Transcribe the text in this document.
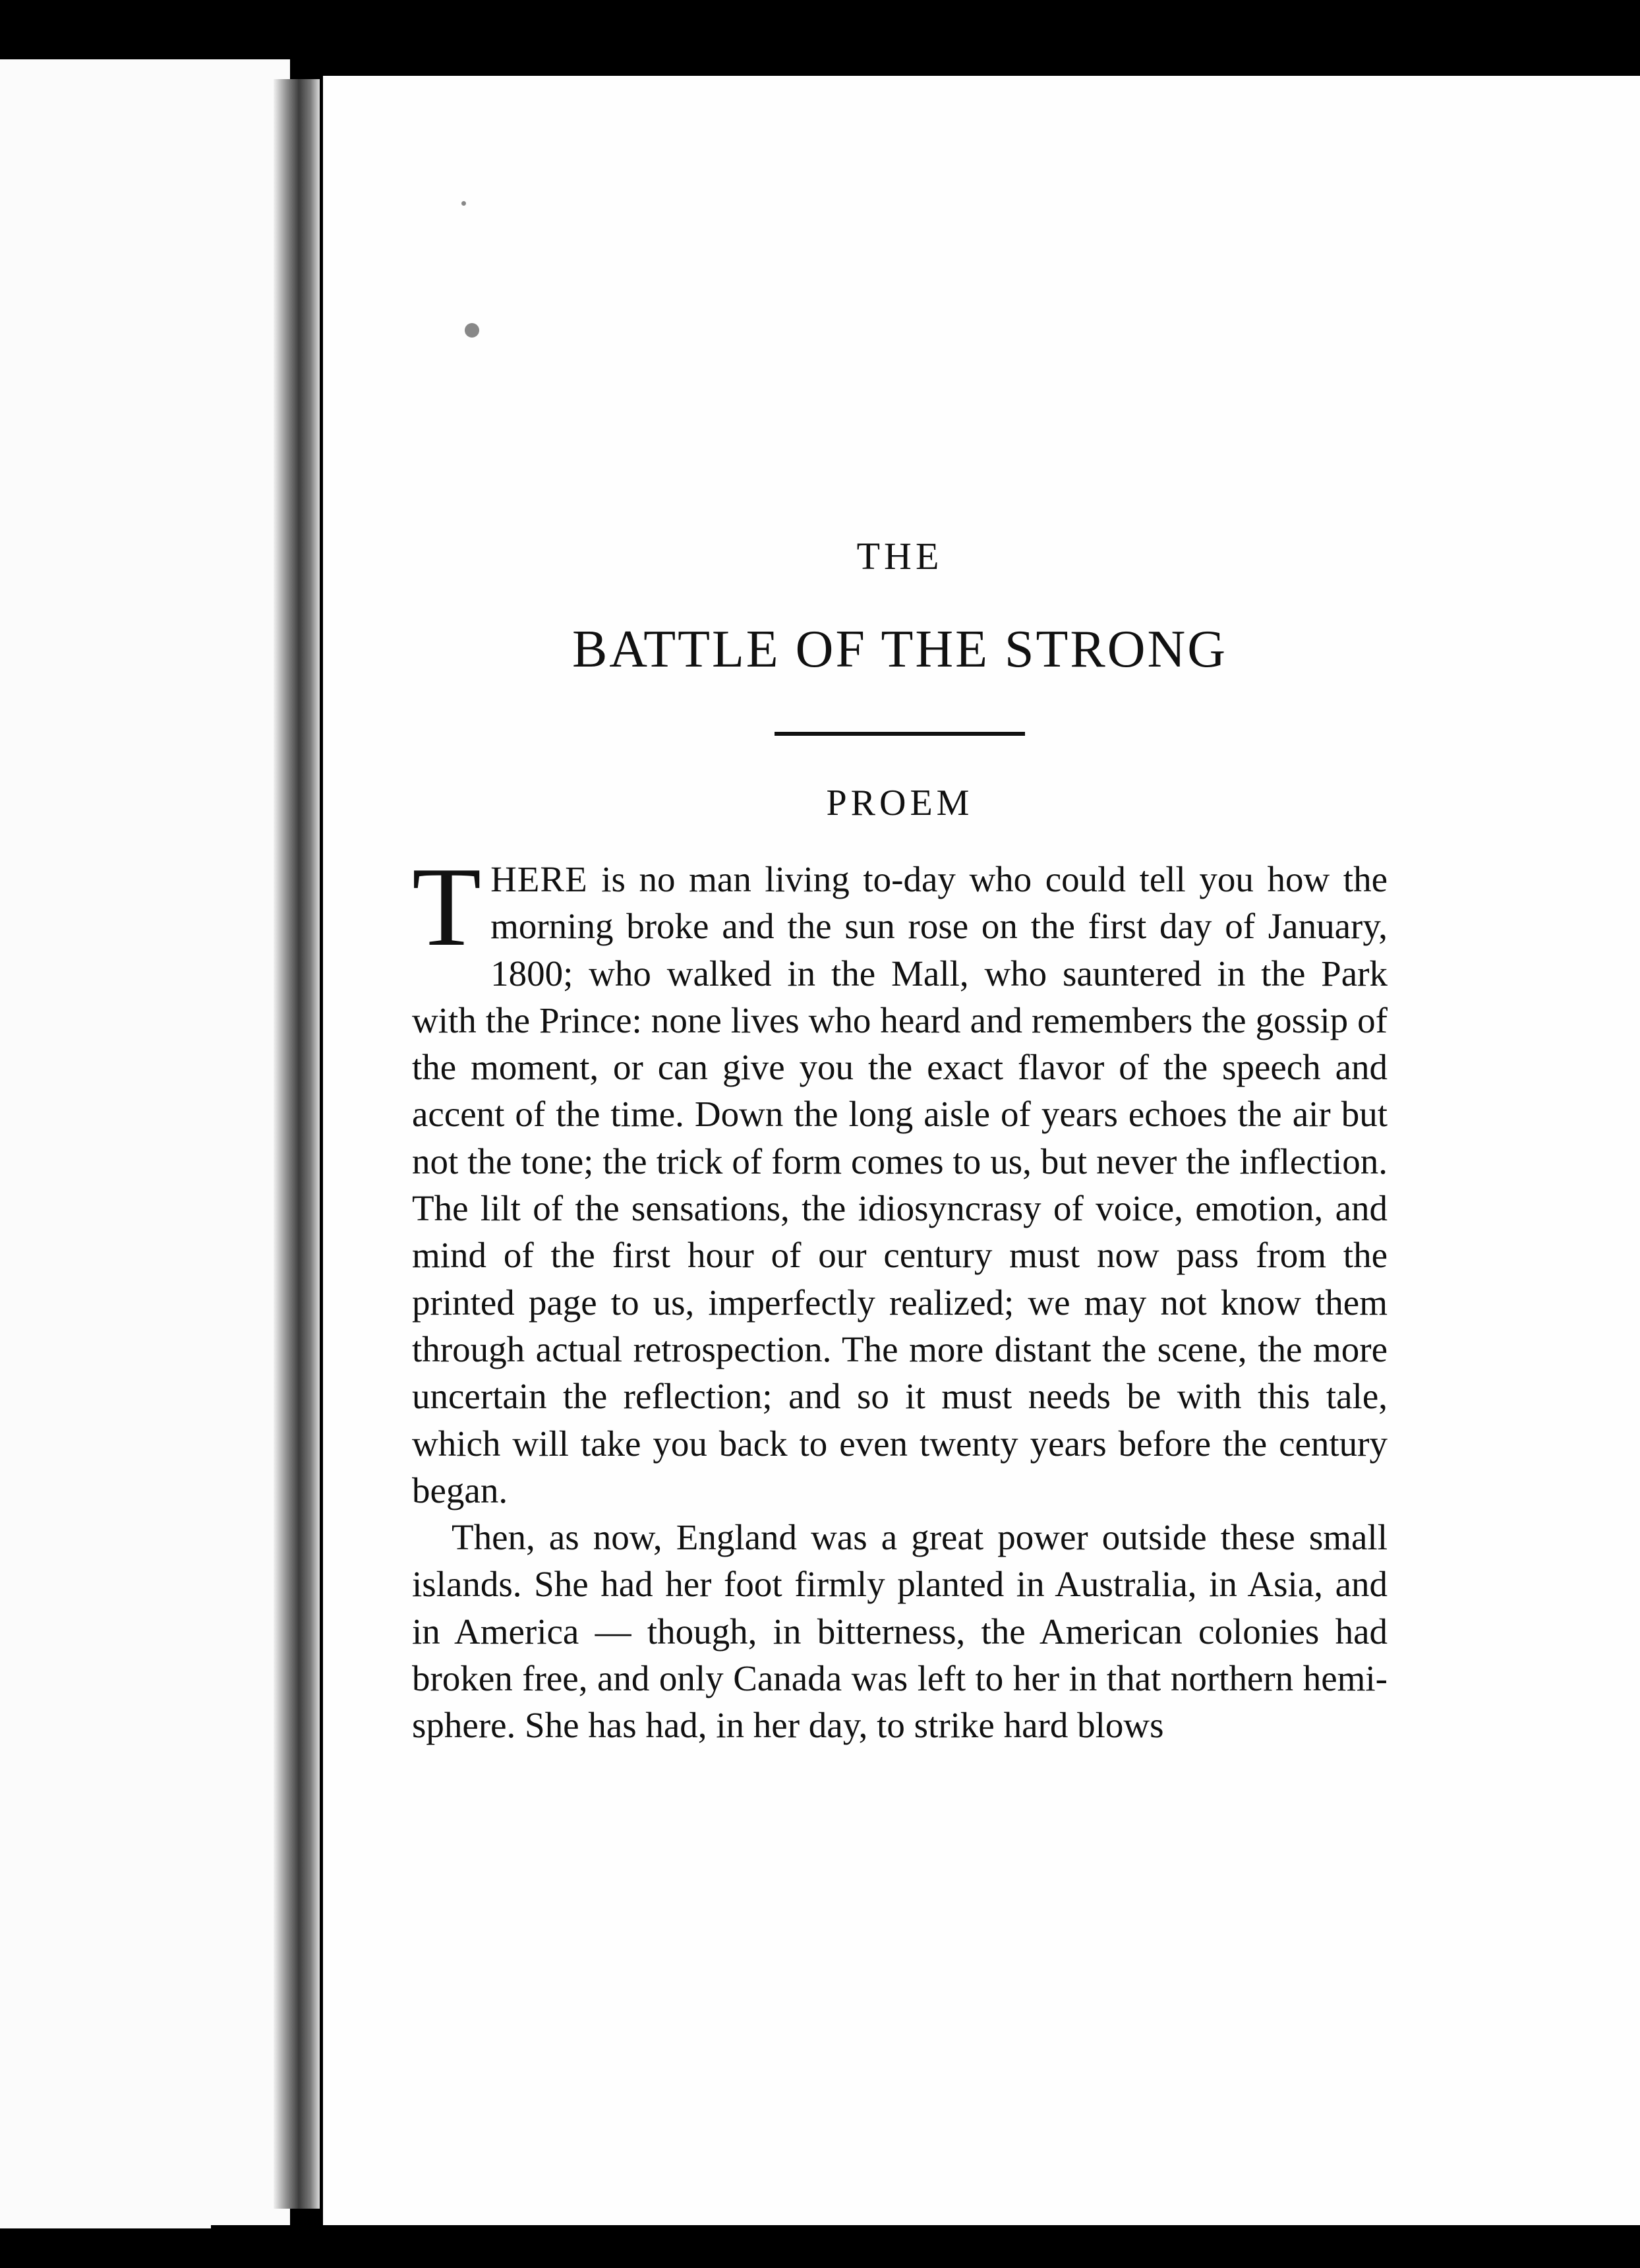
THE
BATTLE OF THE STRONG
PROEM

THERE is no man living to-day who could tell you how the morning broke and the sun rose on the first day of January, 1800; who walked in the Mall, who sauntered in the Park with the Prince: none lives who heard and remembers the gossip of the moment, or can give you the exact flavor of the speech and accent of the time. Down the long aisle of years echoes the air but not the tone; the trick of form comes to us, but never the inflection. The lilt of the sensations, the idiosyncrasy of voice, emotion, and mind of the first hour of our century must now pass from the printed page to us, imperfectly realized; we may not know them through actual retrospection. The more distant the scene, the more uncertain the reflection; and so it must needs be with this tale, which will take you back to even twenty years before the century began.

Then, as now, England was a great power outside these small islands. She had her foot firmly planted in Australia, in Asia, and in America — though, in bitterness, the American colonies had broken free, and only Canada was left to her in that northern hemi-sphere. She has had, in her day, to strike hard blows
